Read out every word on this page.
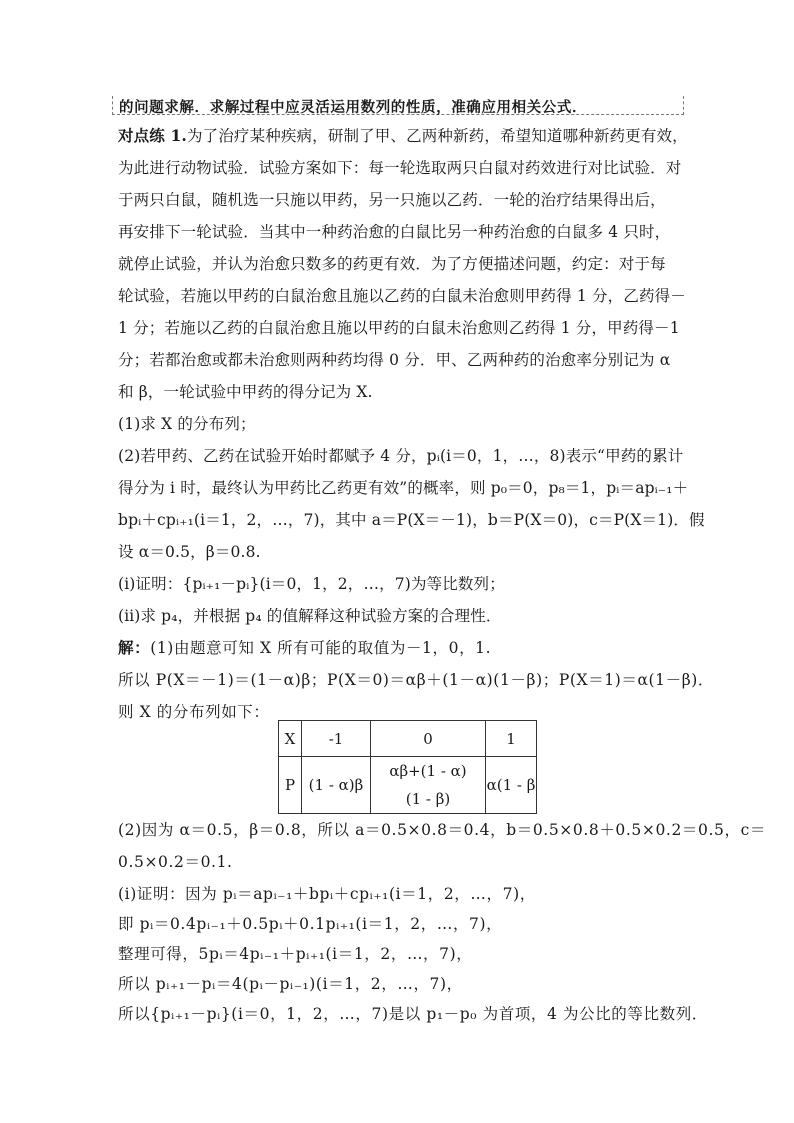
的问题求解．求解过程中应灵活运用数列的性质，准确应用相关公式．
对点练 1.为了治疗某种疾病，研制了甲、乙两种新药，希望知道哪种新药更有效，
为此进行动物试验．试验方案如下：每一轮选取两只白鼠对药效进行对比试验．对
于两只白鼠，随机选一只施以甲药，另一只施以乙药．一轮的治疗结果得出后，
再安排下一轮试验．当其中一种药治愈的白鼠比另一种药治愈的白鼠多 4 只时，
就停止试验，并认为治愈只数多的药更有效．为了方便描述问题，约定：对于每
轮试验，若施以甲药的白鼠治愈且施以乙药的白鼠未治愈则甲药得 1 分，乙药得－
1 分；若施以乙药的白鼠治愈且施以甲药的白鼠未治愈则乙药得 1 分，甲药得－1
分；若都治愈或都未治愈则两种药均得 0 分．甲、乙两种药的治愈率分别记为 α
和 β，一轮试验中甲药的得分记为 X.
(1)求 X 的分布列；
(2)若甲药、乙药在试验开始时都赋予 4 分，pᵢ(i＝0，1，…，8)表示“甲药的累计
得分为 i 时，最终认为甲药比乙药更有效”的概率，则 p₀＝0，p₈＝1，pᵢ＝apᵢ₋₁＋
bpᵢ＋cpᵢ₊₁(i＝1，2，…，7)，其中 a＝P(X＝－1)，b＝P(X＝0)，c＝P(X＝1)．假
设 α＝0.5，β＝0.8.
(ⅰ)证明：{pᵢ₊₁－pᵢ}(i＝0，1，2，…，7)为等比数列；
(ⅱ)求 p₄，并根据 p₄ 的值解释这种试验方案的合理性．
解：(1)由题意可知 X 所有可能的取值为－1，0，1.
所以 P(X＝－1)＝(1－α)β；P(X＝0)＝αβ＋(1－α)(1－β)；P(X＝1)＝α(1－β)．
则 X 的分布列如下：
X	-1	0	1
P	(1 - α)β	αβ+(1 - α)
(1 - β)	α(1 - β
(2)因为 α＝0.5，β＝0.8，所以 a＝0.5×0.8＝0.4，b＝0.5×0.8＋0.5×0.2＝0.5，c＝
0.5×0.2＝0.1.
(ⅰ)证明：因为 pᵢ＝apᵢ₋₁＋bpᵢ＋cpᵢ₊₁(i＝1，2，…，7)，
即 pᵢ＝0.4pᵢ₋₁＋0.5pᵢ＋0.1pᵢ₊₁(i＝1，2，…，7)，
整理可得，5pᵢ＝4pᵢ₋₁＋pᵢ₊₁(i＝1，2，…，7)，
所以 pᵢ₊₁－pᵢ＝4(pᵢ－pᵢ₋₁)(i＝1，2，…，7)，
所以{pᵢ₊₁－pᵢ}(i＝0，1，2，…，7)是以 p₁－p₀ 为首项，4 为公比的等比数列．
